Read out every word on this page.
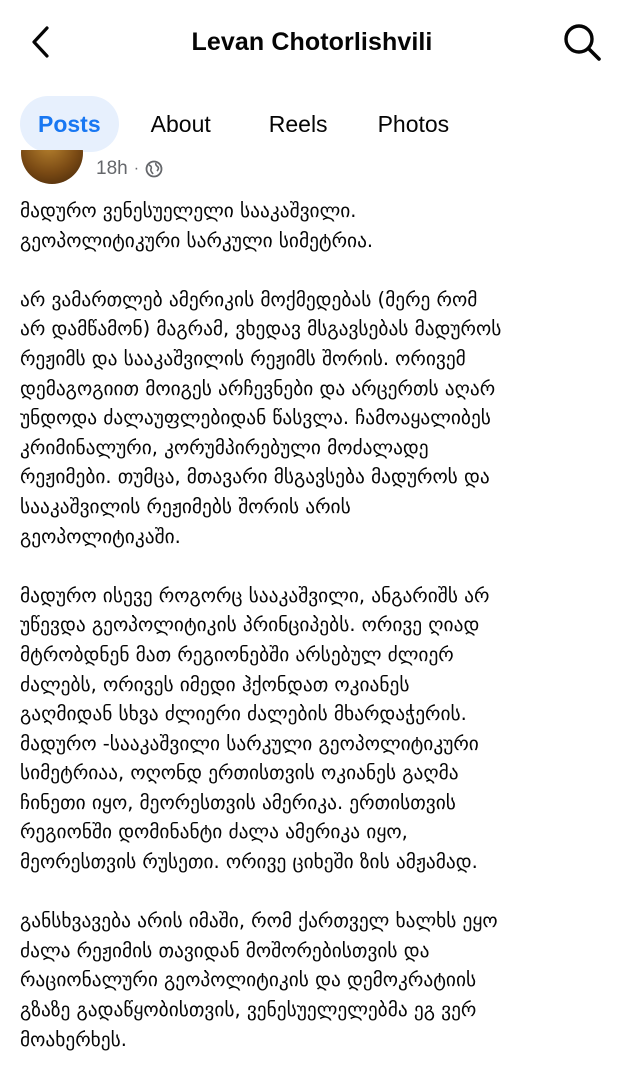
Levan Chotorlishvili
Posts	About	Reels	Photos
18h ·

მადურო ვენესუელელი სააკაშვილი.
გეოპოლიტიკური სარკული სიმეტრია.

არ ვამართლებ ამერიკის მოქმედებას (მერე რომ
არ დამწამონ) მაგრამ, ვხედავ მსგავსებას მადუროს
რეჟიმს და სააკაშვილის რეჟიმს შორის. ორივემ
დემაგოგიით მოიგეს არჩევნები და არცერთს აღარ
უნდოდა ძალაუფლებიდან წასვლა. ჩამოაყალიბეს
კრიმინალური, კორუმპირებული მოძალადე
რეჟიმები. თუმცა, მთავარი მსგავსება მადუროს და
სააკაშვილის რეჟიმებს შორის არის
გეოპოლიტიკაში.

მადურო ისევე როგორც სააკაშვილი, ანგარიშს არ
უწევდა გეოპოლიტიკის პრინციპებს. ორივე ღიად
მტრობდნენ მათ რეგიონებში არსებულ ძლიერ
ძალებს, ორივეს იმედი ჰქონდათ ოკიანეს
გაღმიდან სხვა ძლიერი ძალების მხარდაჭერის.
მადურო -სააკაშვილი სარკული გეოპოლიტიკური
სიმეტრიაა, ოღონდ ერთისთვის ოკიანეს გაღმა
ჩინეთი იყო, მეორესთვის ამერიკა. ერთისთვის
რეგიონში დომინანტი ძალა ამერიკა იყო,
მეორესთვის რუსეთი. ორივე ციხეში ზის ამჟამად.

განსხვავება არის იმაში, რომ ქართველ ხალხს ეყო
ძალა რეჟიმის თავიდან მოშორებისთვის და
რაციონალური გეოპოლიტიკის და დემოკრატიის
გზაზე გადაწყობისთვის, ვენესუელელებმა ეგ ვერ
მოახერხეს.
